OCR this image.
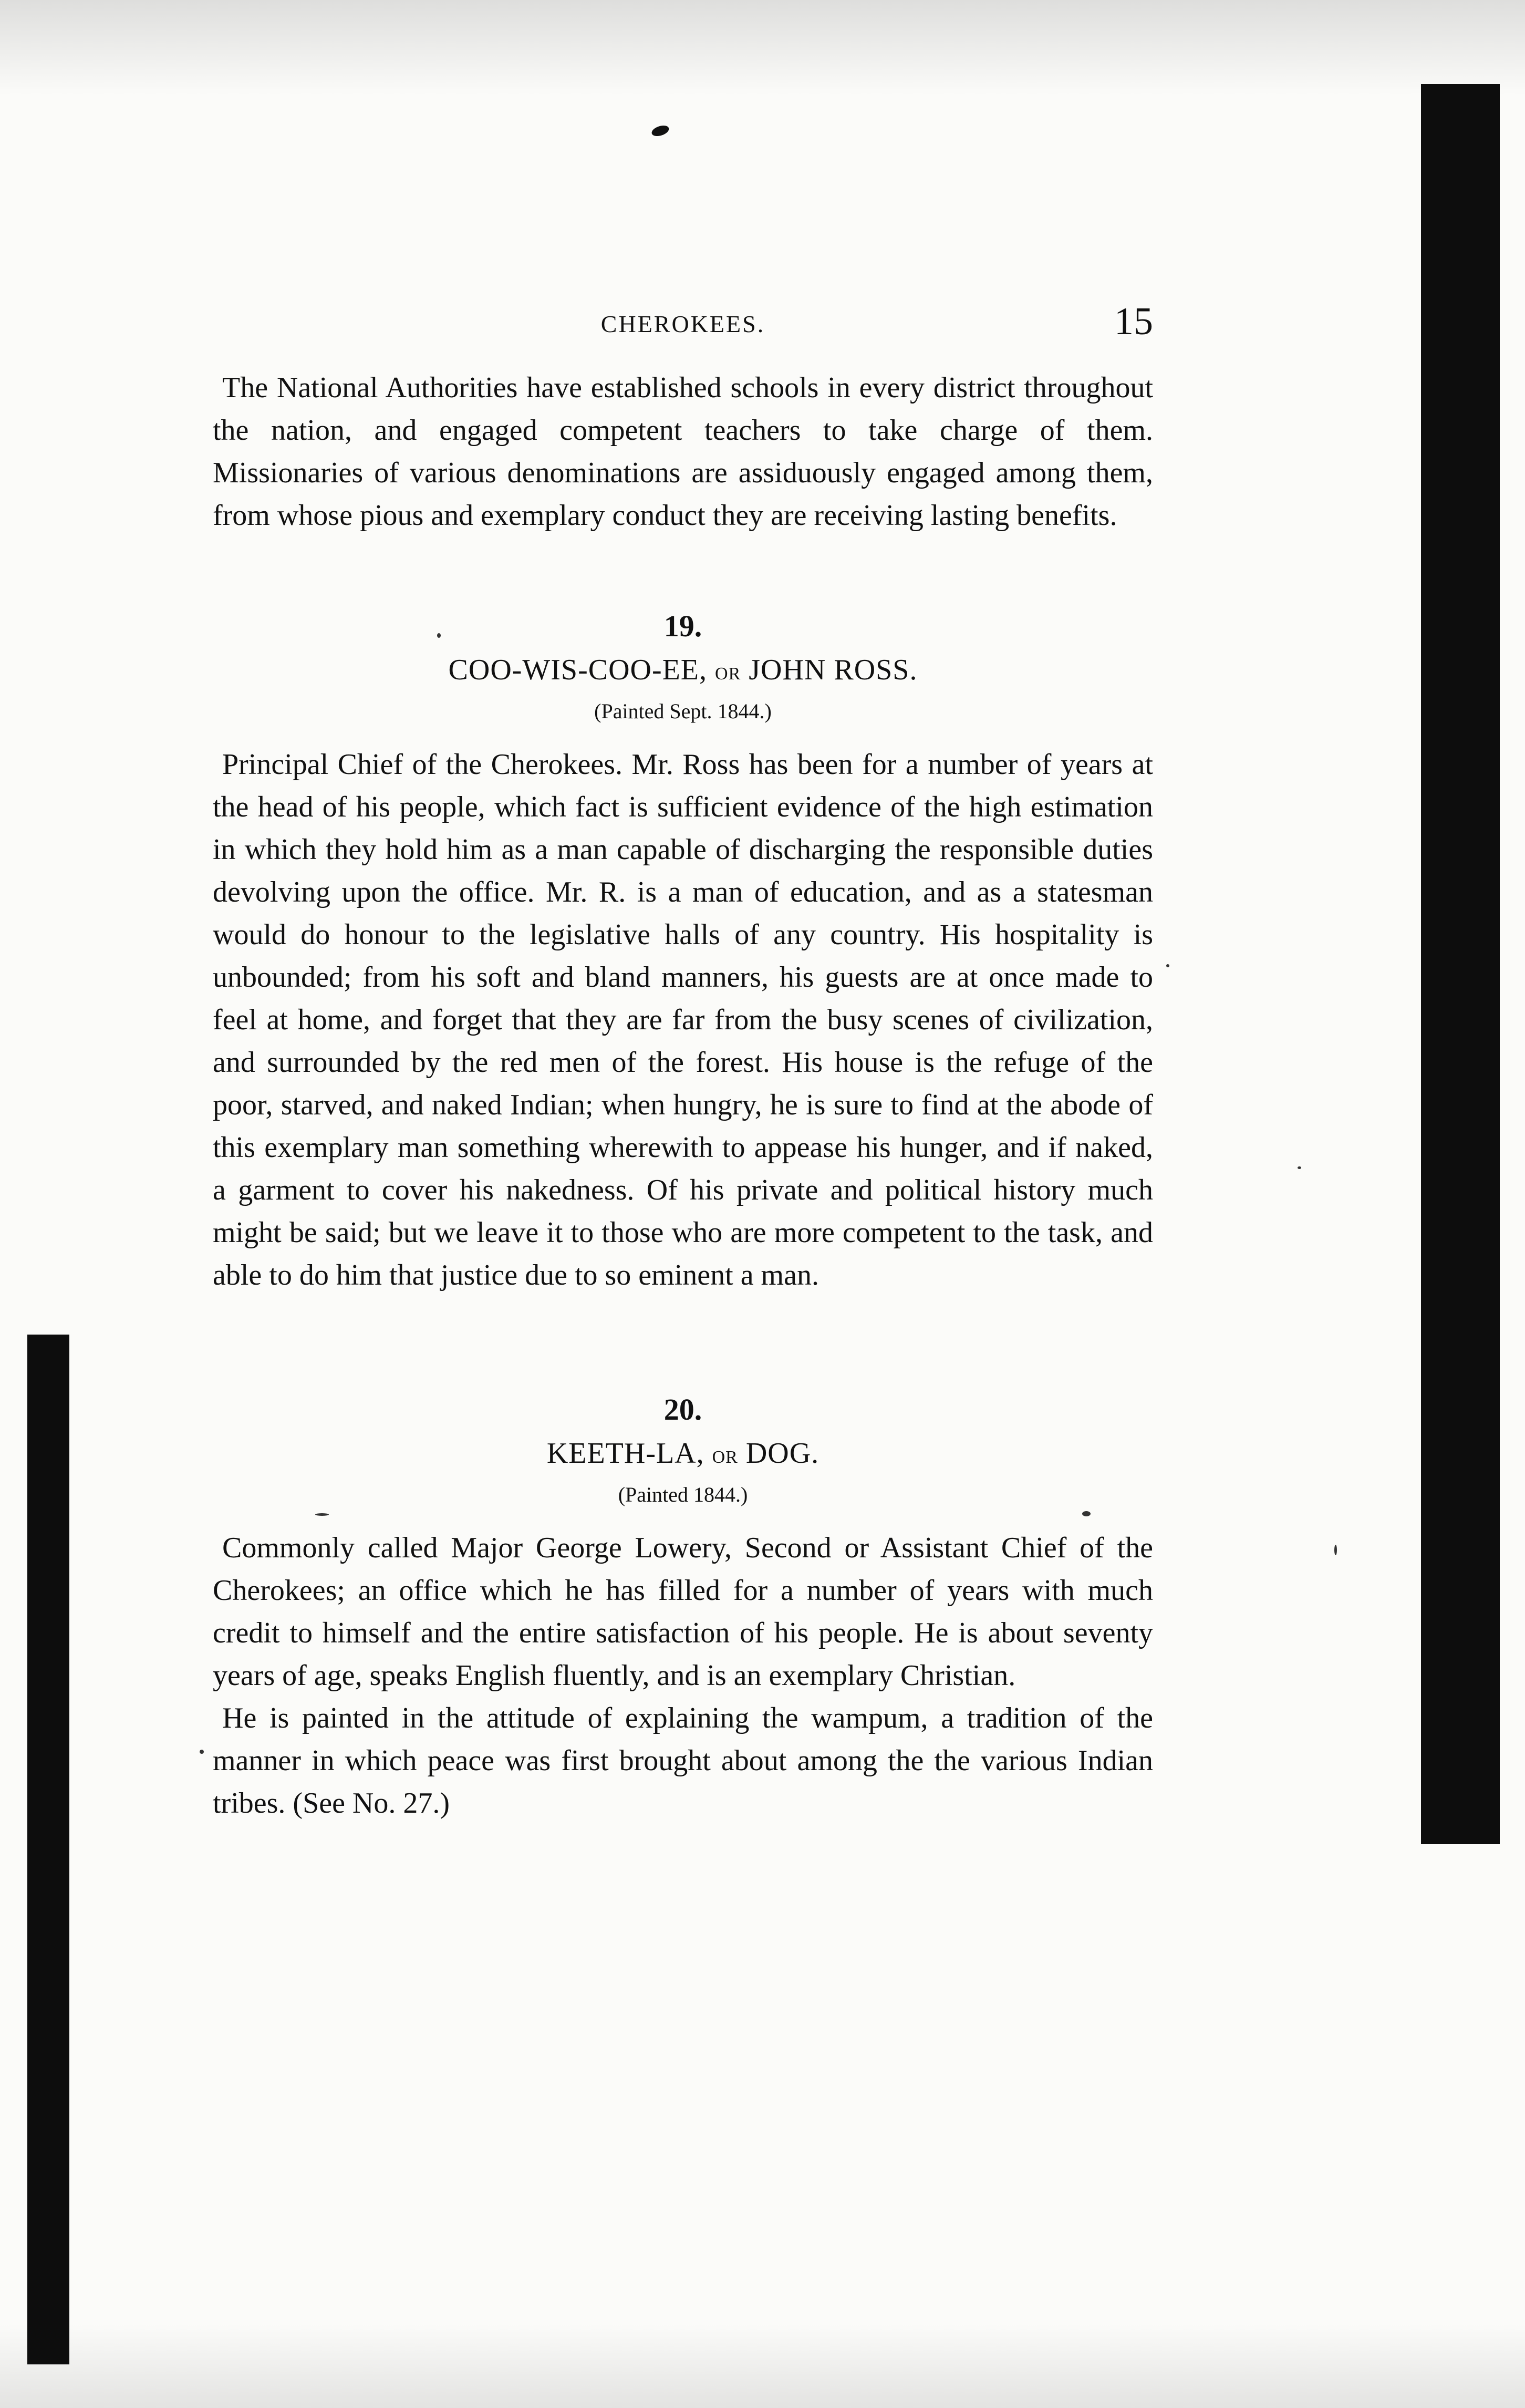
CHEROKEES.	15

The National Authorities have established schools in every district throughout the nation, and engaged competent teachers to take charge of them. Missionaries of various denominations are assiduously engaged among them, from whose pious and exemplary conduct they are receiving lasting benefits.

19.
COO-WIS-COO-EE, OR JOHN ROSS.
(Painted Sept. 1844.)

Principal Chief of the Cherokees. Mr. Ross has been for a number of years at the head of his people, which fact is sufficient evidence of the high estimation in which they hold him as a man capable of discharging the responsible duties devolving upon the office. Mr. R. is a man of education, and as a statesman would do honour to the legislative halls of any country. His hospitality is unbounded; from his soft and bland manners, his guests are at once made to feel at home, and forget that they are far from the busy scenes of civilization, and surrounded by the red men of the forest. His house is the refuge of the poor, starved, and naked Indian; when hungry, he is sure to find at the abode of this exemplary man something wherewith to appease his hunger, and if naked, a garment to cover his nakedness. Of his private and political history much might be said; but we leave it to those who are more competent to the task, and able to do him that justice due to so eminent a man.

20.
KEETH-LA, OR DOG.
(Painted 1844.)

Commonly called Major George Lowery, Second or Assistant Chief of the Cherokees; an office which he has filled for a number of years with much credit to himself and the entire satisfaction of his people. He is about seventy years of age, speaks English fluently, and is an exemplary Christian.

He is painted in the attitude of explaining the wampum, a tradition of the manner in which peace was first brought about among the the various Indian tribes. (See No. 27.)
